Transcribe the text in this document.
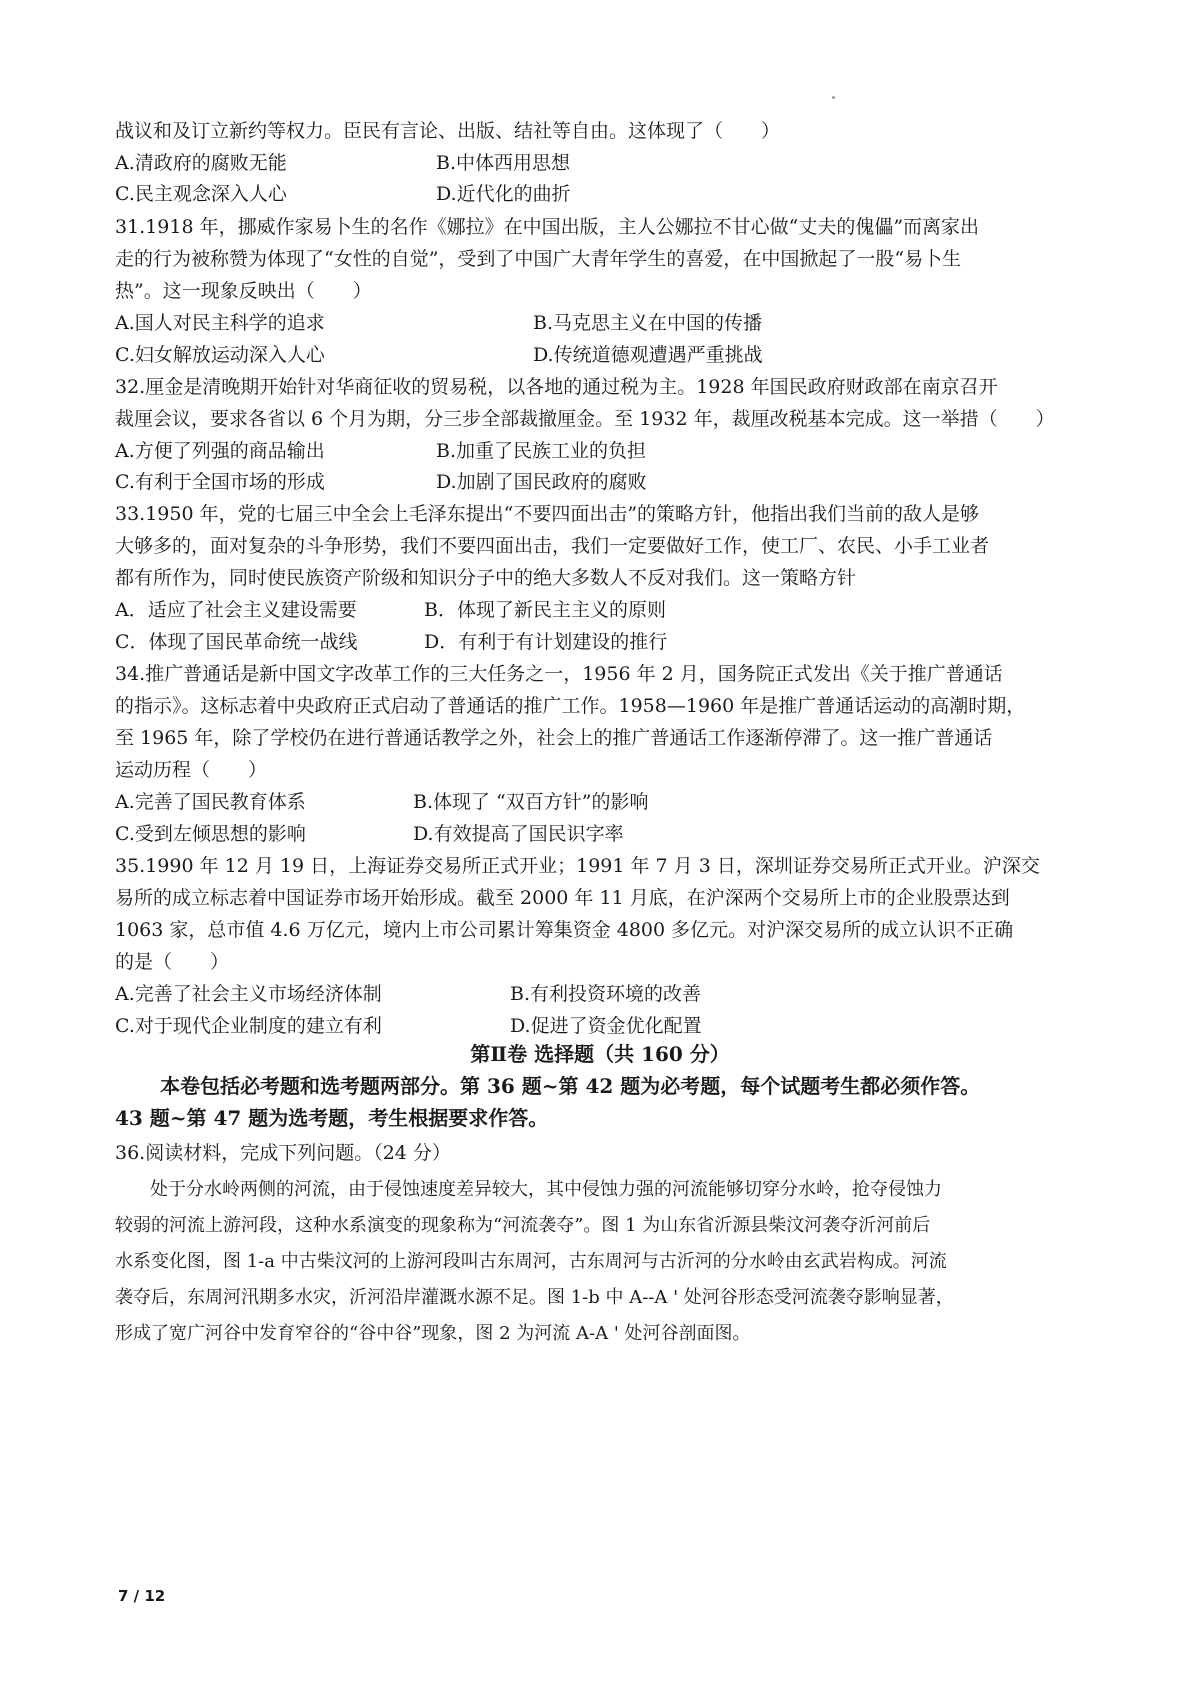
战议和及订立新约等权力。臣民有言论、出版、结社等自由。这体现了（　　）
A.清政府的腐败无能	B.中体西用思想
C.民主观念深入人心	D.近代化的曲折
31.1918 年，挪威作家易卜生的名作《娜拉》在中国出版，主人公娜拉不甘心做“丈夫的傀儡”而离家出
走的行为被称赞为体现了“女性的自觉”，受到了中国广大青年学生的喜爱，在中国掀起了一股“易卜生
热”。这一现象反映出（　　）
A.国人对民主科学的追求	B.马克思主义在中国的传播
C.妇女解放运动深入人心	D.传统道德观遭遇严重挑战
32.厘金是清晚期开始针对华商征收的贸易税，以各地的通过税为主。1928 年国民政府财政部在南京召开
裁厘会议，要求各省以 6 个月为期，分三步全部裁撤厘金。至 1932 年，裁厘改税基本完成。这一举措（　　）
A.方便了列强的商品输出	B.加重了民族工业的负担
C.有利于全国市场的形成	D.加剧了国民政府的腐败
33.1950 年，党的七届三中全会上毛泽东提出“不要四面出击”的策略方针，他指出我们当前的敌人是够
大够多的，面对复杂的斗争形势，我们不要四面出击，我们一定要做好工作，使工厂、农民、小手工业者
都有所作为，同时使民族资产阶级和知识分子中的绝大多数人不反对我们。这一策略方针
A．适应了社会主义建设需要	B．体现了新民主主义的原则
C．体现了国民革命统一战线	D．有利于有计划建设的推行
34.推广普通话是新中国文字改革工作的三大任务之一，1956 年 2 月，国务院正式发出《关于推广普通话
的指示》。这标志着中央政府正式启动了普通话的推广工作。1958—1960 年是推广普通话运动的高潮时期，
至 1965 年，除了学校仍在进行普通话教学之外，社会上的推广普通话工作逐渐停滞了。这一推广普通话
运动历程（　　）
A.完善了国民教育体系	B.体现了 “双百方针”的影响
C.受到左倾思想的影响	D.有效提高了国民识字率
35.1990 年 12 月 19 日，上海证券交易所正式开业；1991 年 7 月 3 日，深圳证券交易所正式开业。沪深交
易所的成立标志着中国证券市场开始形成。截至 2000 年 11 月底，在沪深两个交易所上市的企业股票达到
1063 家，总市值 4.6 万亿元，境内上市公司累计筹集资金 4800 多亿元。对沪深交易所的成立认识不正确
的是（　　）
A.完善了社会主义市场经济体制	B.有利投资环境的改善
C.对于现代企业制度的建立有利	D.促进了资金优化配置
第Ⅱ卷 选择题（共 160 分）
本卷包括必考题和选考题两部分。第 36 题~第 42 题为必考题，每个试题考生都必须作答。
43 题~第 47 题为选考题，考生根据要求作答。
36.阅读材料，完成下列问题。（24 分）
处于分水岭两侧的河流，由于侵蚀速度差异较大，其中侵蚀力强的河流能够切穿分水岭，抢夺侵蚀力
较弱的河流上游河段，这种水系演变的现象称为“河流袭夺”。图 1 为山东省沂源县柴汶河袭夺沂河前后
水系变化图，图 1-a 中古柴汶河的上游河段叫古东周河，古东周河与古沂河的分水岭由玄武岩构成。河流
袭夺后，东周河汛期多水灾，沂河沿岸灌溉水源不足。图 1-b 中 A--A ' 处河谷形态受河流袭夺影响显著，
形成了宽广河谷中发育窄谷的“谷中谷”现象，图 2 为河流 A-A ' 处河谷剖面图。
7 / 12
